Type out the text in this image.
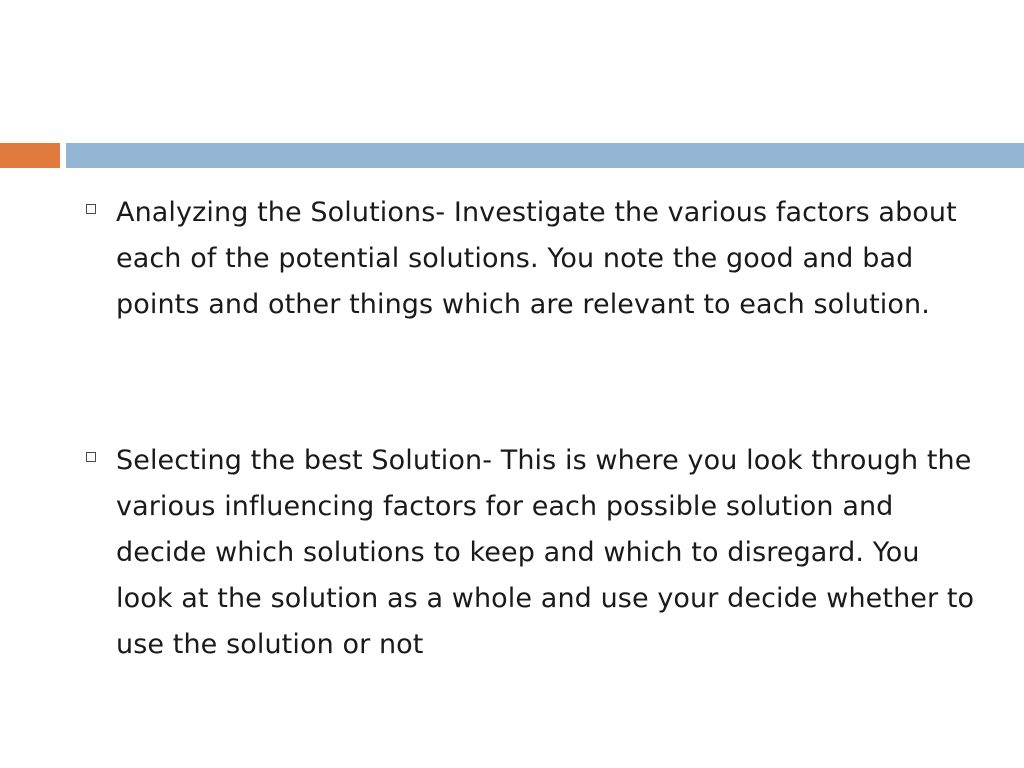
Analyzing the Solutions- Investigate the various factors about each of the potential solutions. You note the good and bad points and other things which are relevant to each solution.
Selecting the best Solution- This is where you look through the various influencing factors for each possible solution and decide which solutions to keep and which to disregard. You look at the solution as a whole and use your decide whether to use the solution or not
